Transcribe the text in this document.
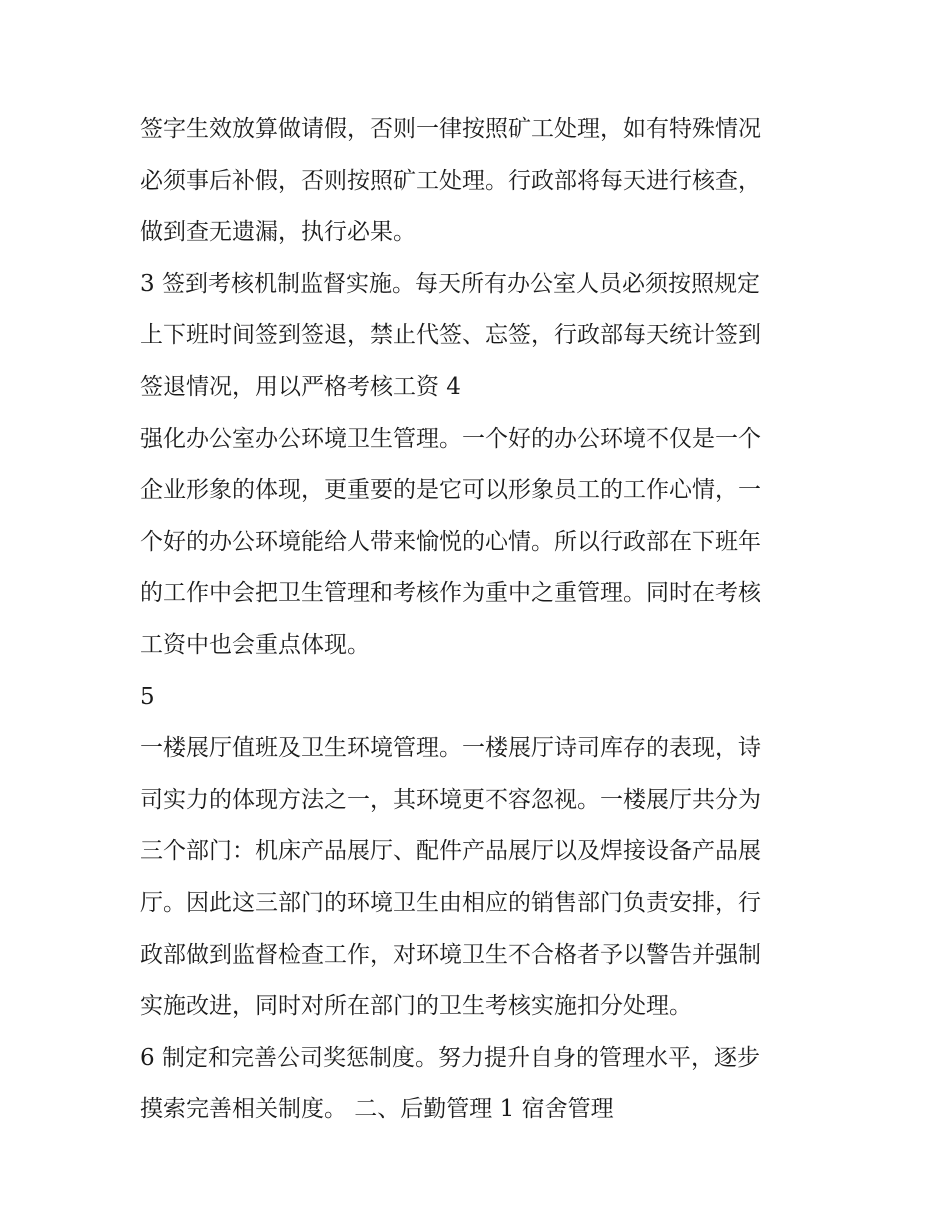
签字生效放算做请假，否则一律按照矿工处理，如有特殊情况
必须事后补假，否则按照矿工处理。行政部将每天进行核查，
做到查无遗漏，执行必果。
3 签到考核机制监督实施。每天所有办公室人员必须按照规定
上下班时间签到签退，禁止代签、忘签，行政部每天统计签到
签退情况，用以严格考核工资 4
强化办公室办公环境卫生管理。一个好的办公环境不仅是一个
企业形象的体现，更重要的是它可以形象员工的工作心情，一
个好的办公环境能给人带来愉悦的心情。所以行政部在下班年
的工作中会把卫生管理和考核作为重中之重管理。同时在考核
工资中也会重点体现。
5
一楼展厅值班及卫生环境管理。一楼展厅诗司库存的表现，诗
司实力的体现方法之一，其环境更不容忽视。一楼展厅共分为
三个部门：机床产品展厅、配件产品展厅以及焊接设备产品展
厅。因此这三部门的环境卫生由相应的销售部门负责安排，行
政部做到监督检查工作，对环境卫生不合格者予以警告并强制
实施改进，同时对所在部门的卫生考核实施扣分处理。
6 制定和完善公司奖惩制度。努力提升自身的管理水平，逐步
摸索完善相关制度。 二、后勤管理 1 宿舍管理
